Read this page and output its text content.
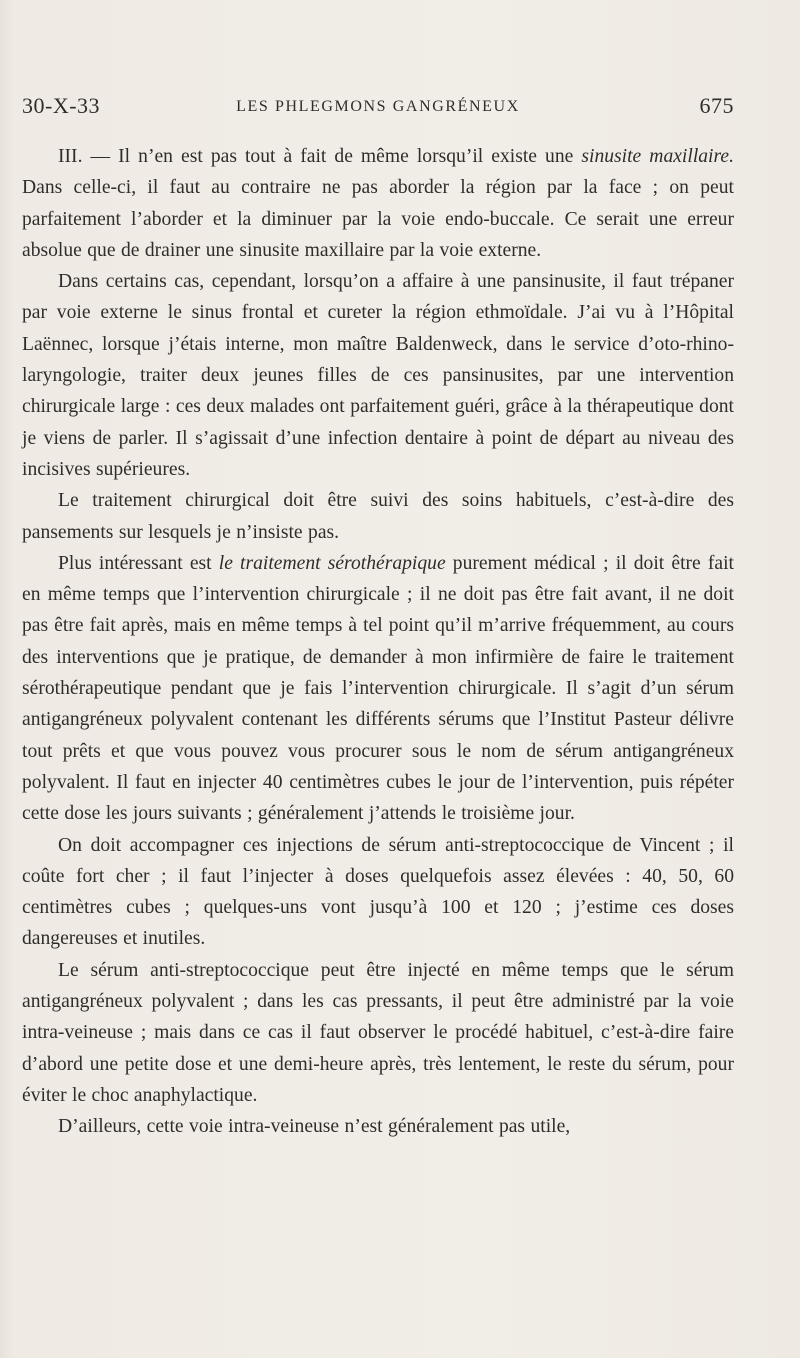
30-X-33	LES PHLEGMONS GANGRÉNEUX	675

III. — Il n’en est pas tout à fait de même lorsqu’il existe une sinusite maxillaire. Dans celle-ci, il faut au contraire ne pas aborder la région par la face ; on peut parfaitement l’aborder et la diminuer par la voie endo-buccale. Ce serait une erreur absolue que de drainer une sinusite maxillaire par la voie externe.

Dans certains cas, cependant, lorsqu’on a affaire à une pansinusite, il faut trépaner par voie externe le sinus frontal et cureter la région ethmoïdale. J’ai vu à l’Hôpital Laënnec, lorsque j’étais interne, mon maître Baldenweck, dans le service d’oto-rhino-laryngologie, traiter deux jeunes filles de ces pansinusites, par une intervention chirurgicale large : ces deux malades ont parfaitement guéri, grâce à la thérapeutique dont je viens de parler. Il s’agissait d’une infection dentaire à point de départ au niveau des incisives supérieures.

Le traitement chirurgical doit être suivi des soins habituels, c’est-à-dire des pansements sur lesquels je n’insiste pas.

Plus intéressant est le traitement sérothérapique purement médical ; il doit être fait en même temps que l’intervention chirurgicale ; il ne doit pas être fait avant, il ne doit pas être fait après, mais en même temps à tel point qu’il m’arrive fréquemment, au cours des interventions que je pratique, de demander à mon infirmière de faire le traitement sérothérapeutique pendant que je fais l’intervention chirurgicale. Il s’agit d’un sérum antigangréneux polyvalent contenant les différents sérums que l’Institut Pasteur délivre tout prêts et que vous pouvez vous procurer sous le nom de sérum antigangréneux polyvalent. Il faut en injecter 40 centimètres cubes le jour de l’intervention, puis répéter cette dose les jours suivants ; généralement j’attends le troisième jour.

On doit accompagner ces injections de sérum anti-streptococcique de Vincent ; il coûte fort cher ; il faut l’injecter à doses quelquefois assez élevées : 40, 50, 60 centimètres cubes ; quelques-uns vont jusqu’à 100 et 120 ; j’estime ces doses dangereuses et inutiles.

Le sérum anti-streptococcique peut être injecté en même temps que le sérum antigangréneux polyvalent ; dans les cas pressants, il peut être administré par la voie intra-veineuse ; mais dans ce cas il faut observer le procédé habituel, c’est-à-dire faire d’abord une petite dose et une demi-heure après, très lentement, le reste du sérum, pour éviter le choc anaphylactique.

D’ailleurs, cette voie intra-veineuse n’est généralement pas utile,
